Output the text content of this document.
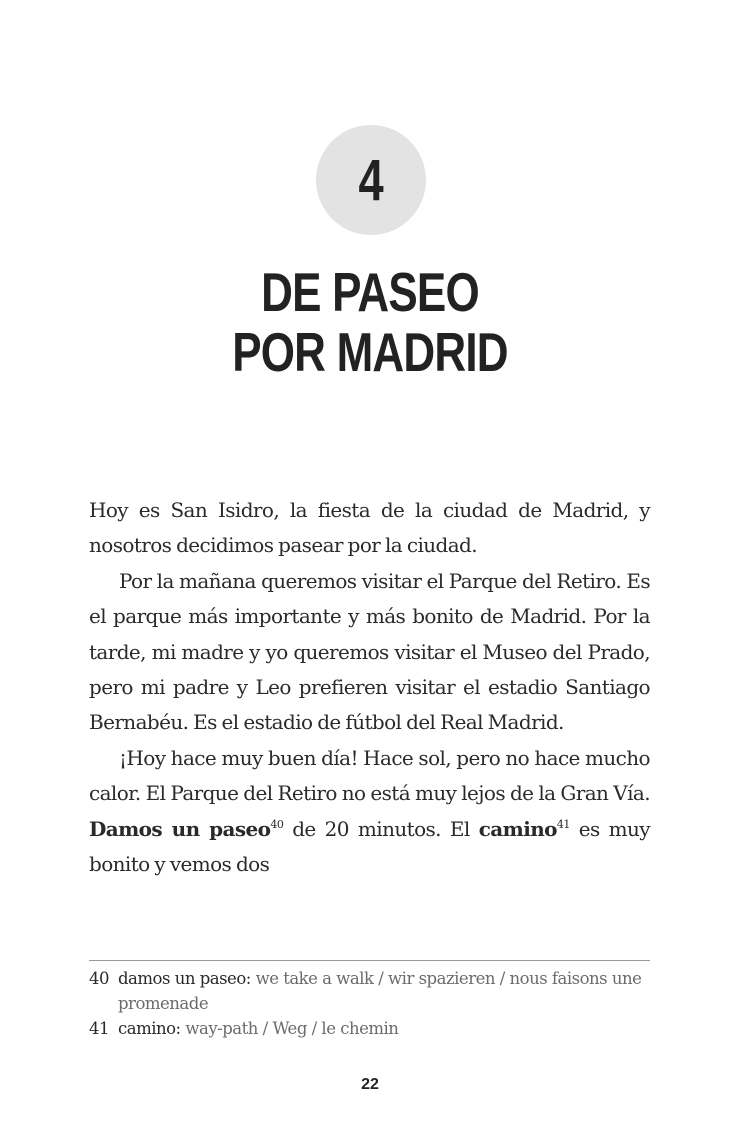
4
DE PASEO
POR MADRID

Hoy es San Isidro, la fiesta de la ciudad de Madrid, y nosotros decidimos pasear por la ciudad.

Por la mañana queremos visitar el Parque del Retiro. Es el parque más importante y más bonito de Madrid. Por la tarde, mi madre y yo queremos visitar el Museo del Prado, pero mi padre y Leo prefieren visitar el estadio Santiago Bernabéu. Es el estadio de fútbol del Real Madrid.

¡Hoy hace muy buen día! Hace sol, pero no hace mucho calor. El Parque del Retiro no está muy lejos de la Gran Vía. Damos un paseo$^{40}$ de 20 minutos. El camino$^{41}$ es muy bonito y vemos dos

40 damos un paseo: we take a walk / wir spazieren / nous faisons une promenade
41 camino: way-path / Weg / le chemin
22
